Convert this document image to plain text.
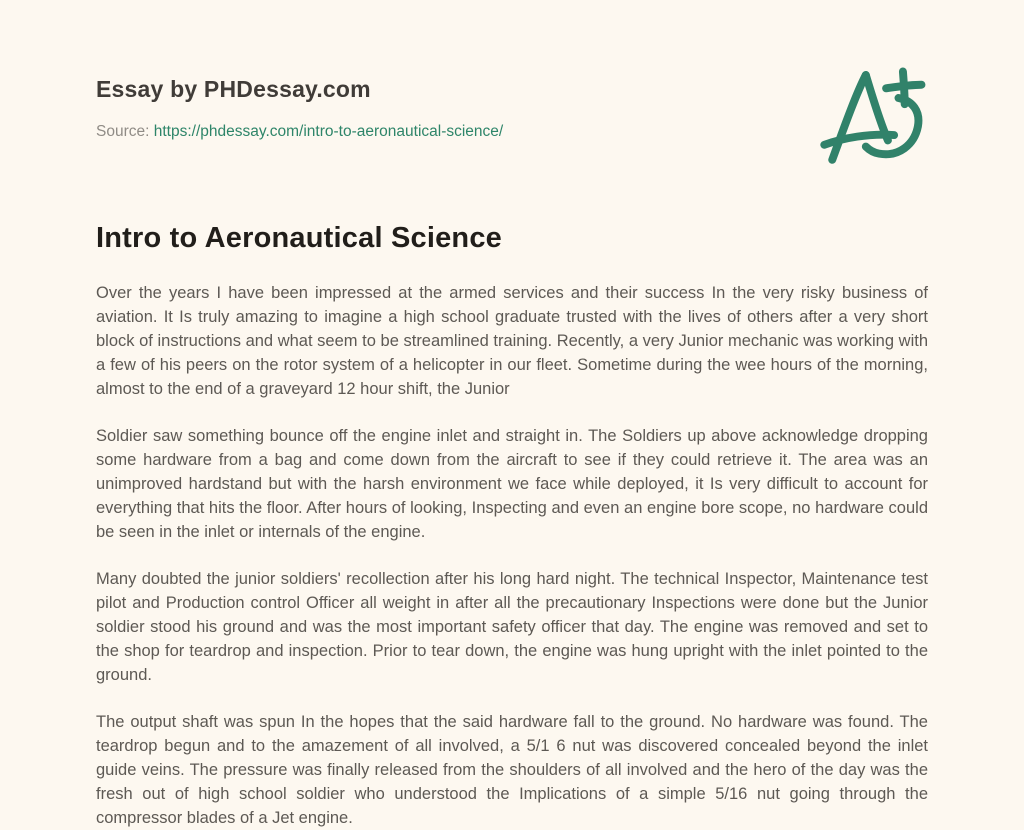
Essay by PHDessay.com
Source: https://phdessay.com/intro-to-aeronautical-science/
Intro to Aeronautical Science

Over the years I have been impressed at the armed services and their success In the very risky business of aviation. It Is truly amazing to imagine a high school graduate trusted with the lives of others after a very short block of instructions and what seem to be streamlined training. Recently, a very Junior mechanic was working with a few of his peers on the rotor system of a helicopter in our fleet. Sometime during the wee hours of the morning, almost to the end of a graveyard 12 hour shift, the Junior

Soldier saw something bounce off the engine inlet and straight in. The Soldiers up above acknowledge dropping some hardware from a bag and come down from the aircraft to see if they could retrieve it. The area was an unimproved hardstand but with the harsh environment we face while deployed, it Is very difficult to account for everything that hits the floor. After hours of looking, Inspecting and even an engine bore scope, no hardware could be seen in the inlet or internals of the engine.

Many doubted the junior soldiers' recollection after his long hard night. The technical Inspector, Maintenance test pilot and Production control Officer all weight in after all the precautionary Inspections were done but the Junior soldier stood his ground and was the most important safety officer that day. The engine was removed and set to the shop for teardrop and inspection. Prior to tear down, the engine was hung upright with the inlet pointed to the ground.

The output shaft was spun In the hopes that the said hardware fall to the ground. No hardware was found. The teardrop begun and to the amazement of all involved, a 5/1 6 nut was discovered concealed beyond the inlet guide veins. The pressure was finally released from the shoulders of all involved and the hero of the day was the fresh out of high school soldier who understood the Implications of a simple 5/16 nut going through the compressor blades of a Jet engine.
